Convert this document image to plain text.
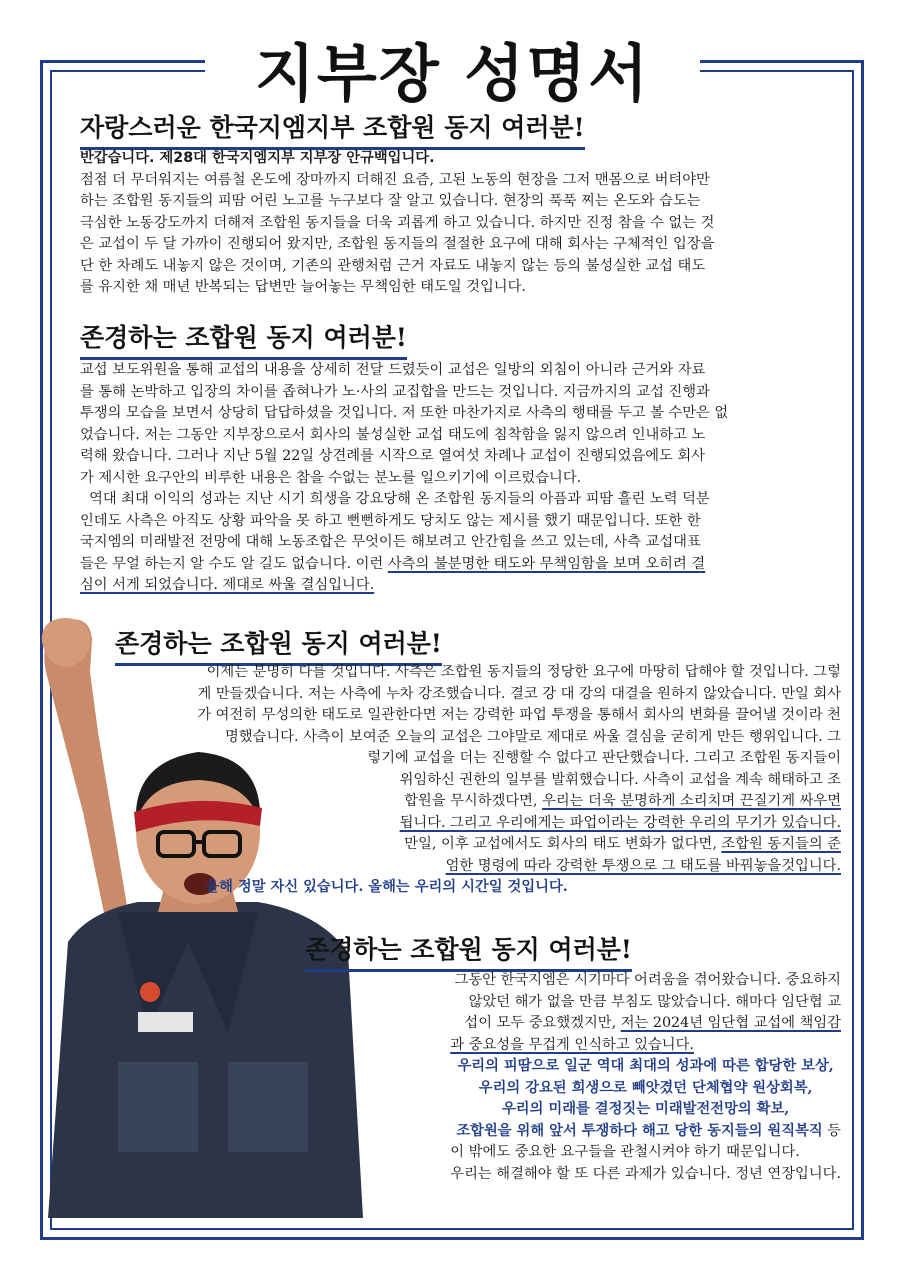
지부장 성명서
자랑스러운 한국지엠지부 조합원 동지 여러분!
반갑습니다. 제28대 한국지엠지부 지부장 안규백입니다.
점점 더 무더워지는 여름철 온도에 장마까지 더해진 요즘, 고된 노동의 현장을 그저 맨몸으로 버텨야만
하는 조합원 동지들의 피땀 어린 노고를 누구보다 잘 알고 있습니다. 현장의 푹푹 찌는 온도와 습도는
극심한 노동강도까지 더해져 조합원 동지들을 더욱 괴롭게 하고 있습니다. 하지만 진정 참을 수 없는 것
은 교섭이 두 달 가까이 진행되어 왔지만, 조합원 동지들의 절절한 요구에 대해 회사는 구체적인 입장을
단 한 차례도 내놓지 않은 것이며, 기존의 관행처럼 근거 자료도 내놓지 않는 등의 불성실한 교섭 태도
를 유지한 채 매년 반복되는 답변만 늘어놓는 무책임한 태도일 것입니다.
존경하는 조합원 동지 여러분!
교섭 보도위원을 통해 교섭의 내용을 상세히 전달 드렸듯이 교섭은 일방의 외침이 아니라 근거와 자료
를 통해 논박하고 입장의 차이를 좁혀나가 노·사의 교집합을 만드는 것입니다. 지금까지의 교섭 진행과
투쟁의 모습을 보면서 상당히 답답하셨을 것입니다. 저 또한 마찬가지로 사측의 행태를 두고 볼 수만은 없
었습니다. 저는 그동안 지부장으로서 회사의 불성실한 교섭 태도에 침착함을 잃지 않으려 인내하고 노
력해 왔습니다. 그러나 지난 5월 22일 상견례를 시작으로 열여섯 차례나 교섭이 진행되었음에도 회사
가 제시한 요구안의 비루한 내용은 참을 수없는 분노를 일으키기에 이르렀습니다.
역대 최대 이익의 성과는 지난 시기 희생을 강요당해 온 조합원 동지들의 아픔과 피땀 흘린 노력 덕분
인데도 사측은 아직도 상황 파악을 못 하고 뻔뻔하게도 당치도 않는 제시를 했기 때문입니다. 또한 한
국지엠의 미래발전 전망에 대해 노동조합은 무엇이든 해보려고 안간힘을 쓰고 있는데, 사측 교섭대표
들은 무얼 하는지 알 수도 알 길도 없습니다. 이런 사측의 불분명한 태도와 무책임함을 보며 오히려 결
심이 서게 되었습니다. 제대로 싸울 결심입니다.
존경하는 조합원 동지 여러분!
이제는 분명히 다를 것입니다. 사측은 조합원 동지들의 정당한 요구에 마땅히 답해야 할 것입니다. 그렇
게 만들겠습니다. 저는 사측에 누차 강조했습니다. 결코 강 대 강의 대결을 원하지 않았습니다. 만일 회사
가 여전히 무성의한 태도로 일관한다면 저는 강력한 파업 투쟁을 통해서 회사의 변화를 끌어낼 것이라 천
명했습니다. 사측이 보여준 오늘의 교섭은 그야말로 제대로 싸울 결심을 굳히게 만든 행위입니다. 그
렇기에 교섭을 더는 진행할 수 없다고 판단했습니다. 그리고 조합원 동지들이
위임하신 권한의 일부를 발휘했습니다. 사측이 교섭을 계속 해태하고 조
합원을 무시하겠다면, 우리는 더욱 분명하게 소리치며 끈질기게 싸우면
됩니다. 그리고 우리에게는 파업이라는 강력한 우리의 무기가 있습니다.
만일, 이후 교섭에서도 회사의 태도 변화가 없다면, 조합원 동지들의 준
엄한 명령에 따라 강력한 투쟁으로 그 태도를 바꿔놓을것입니다.
올해 정말 자신 있습니다. 올해는 우리의 시간일 것입니다.
존경하는 조합원 동지 여러분!
그동안 한국지엠은 시기마다 어려움을 겪어왔습니다. 중요하지
않았던 해가 없을 만큼 부침도 많았습니다. 해마다 임단협 교
섭이 모두 중요했겠지만, 저는 2024년 임단협 교섭에 책임감
과 중요성을 무겁게 인식하고 있습니다.
우리의 피땀으로 일군 역대 최대의 성과에 따른 합당한 보상,
우리의 강요된 희생으로 빼앗겼던 단체협약 원상회복,
우리의 미래를 결정짓는 미래발전전망의 확보,
조합원을 위해 앞서 투쟁하다 해고 당한 동지들의 원직복직 등
이 밖에도 중요한 요구들을 관철시켜야 하기 때문입니다.
우리는 해결해야 할 또 다른 과제가 있습니다. 정년 연장입니다.
